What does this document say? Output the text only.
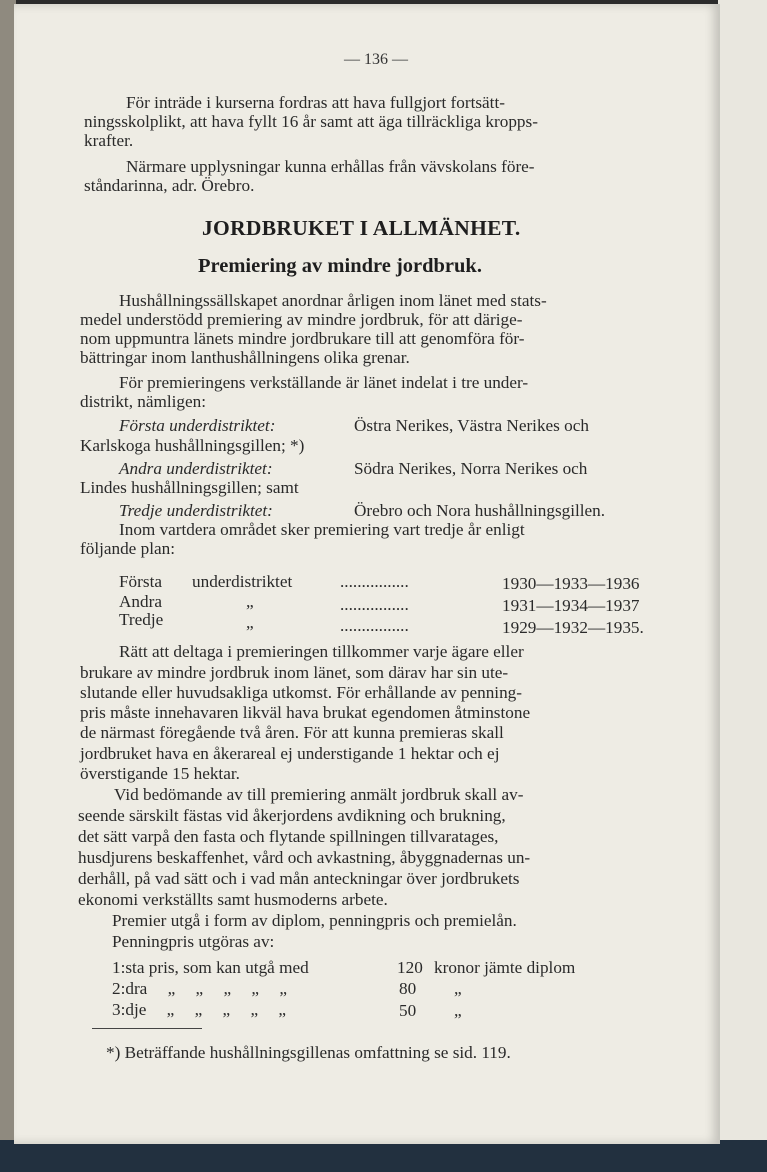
— 136 —
För inträde i kurserna fordras att hava fullgjort fortsätt-
ningsskolplikt, att hava fyllt 16 år samt att äga tillräckliga kropps-
krafter.
Närmare upplysningar kunna erhållas från vävskolans före-
ståndarinna, adr. Örebro.
JORDBRUKET I ALLMÄNHET.
Premiering av mindre jordbruk.
Hushållningssällskapet anordnar årligen inom länet med stats-
medel understödd premiering av mindre jordbruk, för att därige-
nom uppmuntra länets mindre jordbrukare till att genomföra för-
bättringar inom lanthushållningens olika grenar.
För premieringens verkställande är länet indelat i tre under-
distrikt, nämligen:
Första underdistriktet:	Östra Nerikes, Västra Nerikes och
Karlskoga hushållningsgillen; *)
Andra underdistriktet:	Södra Nerikes, Norra Nerikes och
Lindes hushållningsgillen; samt
Tredje underdistriktet:	Örebro och Nora hushållningsgillen.
Inom vartdera området sker premiering vart tredje år enligt
följande plan:
Första underdistriktet	................	1930—1933—1936
Andra	„	................	1931—1934—1937
Tredje	„	................	1929—1932—1935.
Rätt att deltaga i premieringen tillkommer varje ägare eller
brukare av mindre jordbruk inom länet, som därav har sin ute-
slutande eller huvudsakliga utkomst. För erhållande av penning-
pris måste innehavaren likväl hava brukat egendomen åtminstone
de närmast föregående två åren. För att kunna premieras skall
jordbruket hava en åkerareal ej understigande 1 hektar och ej
överstigande 15 hektar.
Vid bedömande av till premiering anmält jordbruk skall av-
seende särskilt fästas vid åkerjordens avdikning och brukning,
det sätt varpå den fasta och flytande spillningen tillvaratages,
husdjurens beskaffenhet, vård och avkastning, åbyggnadernas un-
derhåll, på vad sätt och i vad mån anteckningar över jordbrukets
ekonomi verkställts samt husmoderns arbete.
Premier utgå i form av diplom, penningpris och premielån.
Penningpris utgöras av:
1:sta pris, som kan utgå med	120 kronor jämte diplom
2:dra „ „ „ „ „	80 „
3:dje „ „ „ „ „	50 „
*) Beträffande hushållningsgillenas omfattning se sid. 119.
